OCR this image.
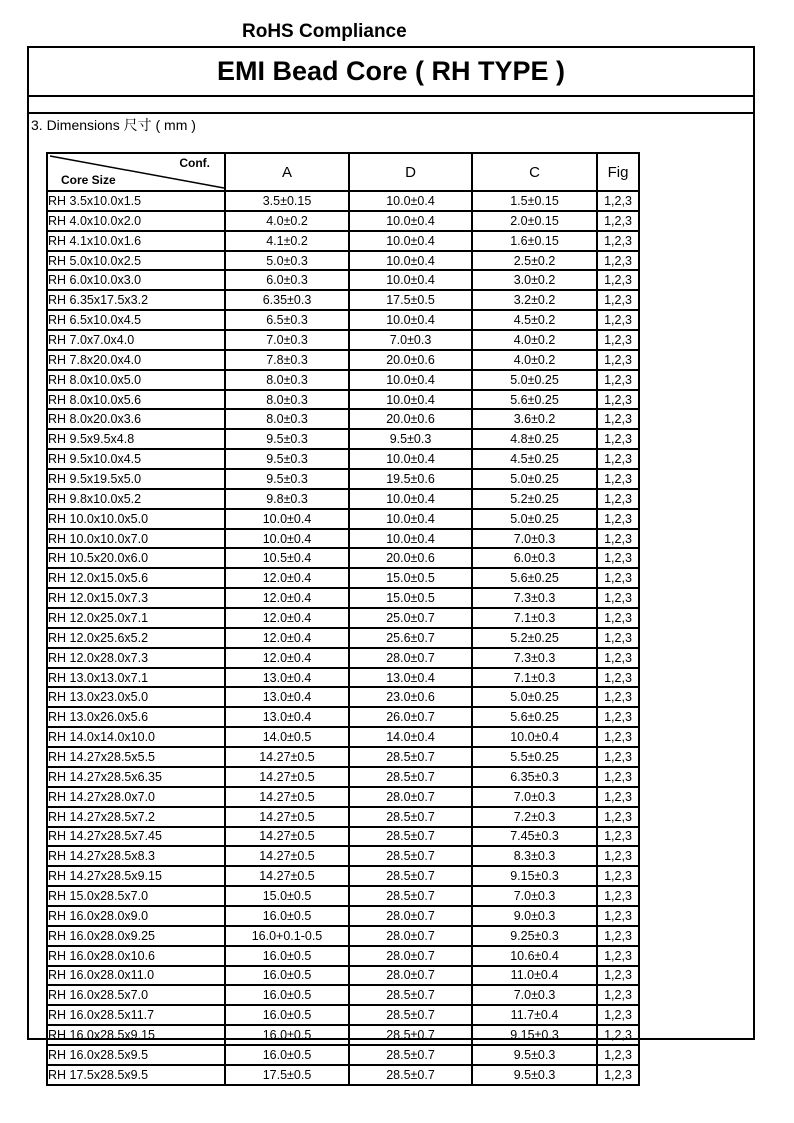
RoHS Compliance
EMI Bead Core ( RH TYPE )
3. Dimensions 尺寸 ( mm )
Conf.
Core Size	A	D	C	Fig
RH 3.5x10.0x1.5	3.5±0.15	10.0±0.4	1.5±0.15	1,2,3
RH 4.0x10.0x2.0	4.0±0.2	10.0±0.4	2.0±0.15	1,2,3
RH 4.1x10.0x1.6	4.1±0.2	10.0±0.4	1.6±0.15	1,2,3
RH 5.0x10.0x2.5	5.0±0.3	10.0±0.4	2.5±0.2	1,2,3
RH 6.0x10.0x3.0	6.0±0.3	10.0±0.4	3.0±0.2	1,2,3
RH 6.35x17.5x3.2	6.35±0.3	17.5±0.5	3.2±0.2	1,2,3
RH 6.5x10.0x4.5	6.5±0.3	10.0±0.4	4.5±0.2	1,2,3
RH 7.0x7.0x4.0	7.0±0.3	7.0±0.3	4.0±0.2	1,2,3
RH 7.8x20.0x4.0	7.8±0.3	20.0±0.6	4.0±0.2	1,2,3
RH 8.0x10.0x5.0	8.0±0.3	10.0±0.4	5.0±0.25	1,2,3
RH 8.0x10.0x5.6	8.0±0.3	10.0±0.4	5.6±0.25	1,2,3
RH 8.0x20.0x3.6	8.0±0.3	20.0±0.6	3.6±0.2	1,2,3
RH 9.5x9.5x4.8	9.5±0.3	9.5±0.3	4.8±0.25	1,2,3
RH 9.5x10.0x4.5	9.5±0.3	10.0±0.4	4.5±0.25	1,2,3
RH 9.5x19.5x5.0	9.5±0.3	19.5±0.6	5.0±0.25	1,2,3
RH 9.8x10.0x5.2	9.8±0.3	10.0±0.4	5.2±0.25	1,2,3
RH 10.0x10.0x5.0	10.0±0.4	10.0±0.4	5.0±0.25	1,2,3
RH 10.0x10.0x7.0	10.0±0.4	10.0±0.4	7.0±0.3	1,2,3
RH 10.5x20.0x6.0	10.5±0.4	20.0±0.6	6.0±0.3	1,2,3
RH 12.0x15.0x5.6	12.0±0.4	15.0±0.5	5.6±0.25	1,2,3
RH 12.0x15.0x7.3	12.0±0.4	15.0±0.5	7.3±0.3	1,2,3
RH 12.0x25.0x7.1	12.0±0.4	25.0±0.7	7.1±0.3	1,2,3
RH 12.0x25.6x5.2	12.0±0.4	25.6±0.7	5.2±0.25	1,2,3
RH 12.0x28.0x7.3	12.0±0.4	28.0±0.7	7.3±0.3	1,2,3
RH 13.0x13.0x7.1	13.0±0.4	13.0±0.4	7.1±0.3	1,2,3
RH 13.0x23.0x5.0	13.0±0.4	23.0±0.6	5.0±0.25	1,2,3
RH 13.0x26.0x5.6	13.0±0.4	26.0±0.7	5.6±0.25	1,2,3
RH 14.0x14.0x10.0	14.0±0.5	14.0±0.4	10.0±0.4	1,2,3
RH 14.27x28.5x5.5	14.27±0.5	28.5±0.7	5.5±0.25	1,2,3
RH 14.27x28.5x6.35	14.27±0.5	28.5±0.7	6.35±0.3	1,2,3
RH 14.27x28.0x7.0	14.27±0.5	28.0±0.7	7.0±0.3	1,2,3
RH 14.27x28.5x7.2	14.27±0.5	28.5±0.7	7.2±0.3	1,2,3
RH 14.27x28.5x7.45	14.27±0.5	28.5±0.7	7.45±0.3	1,2,3
RH 14.27x28.5x8.3	14.27±0.5	28.5±0.7	8.3±0.3	1,2,3
RH 14.27x28.5x9.15	14.27±0.5	28.5±0.7	9.15±0.3	1,2,3
RH 15.0x28.5x7.0	15.0±0.5	28.5±0.7	7.0±0.3	1,2,3
RH 16.0x28.0x9.0	16.0±0.5	28.0±0.7	9.0±0.3	1,2,3
RH 16.0x28.0x9.25	16.0+0.1-0.5	28.0±0.7	9.25±0.3	1,2,3
RH 16.0x28.0x10.6	16.0±0.5	28.0±0.7	10.6±0.4	1,2,3
RH 16.0x28.0x11.0	16.0±0.5	28.0±0.7	11.0±0.4	1,2,3
RH 16.0x28.5x7.0	16.0±0.5	28.5±0.7	7.0±0.3	1,2,3
RH 16.0x28.5x11.7	16.0±0.5	28.5±0.7	11.7±0.4	1,2,3
RH 16.0x28.5x9.15	16.0±0.5	28.5±0.7	9.15±0.3	1,2,3
RH 16.0x28.5x9.5	16.0±0.5	28.5±0.7	9.5±0.3	1,2,3
RH 17.5x28.5x9.5	17.5±0.5	28.5±0.7	9.5±0.3	1,2,3
